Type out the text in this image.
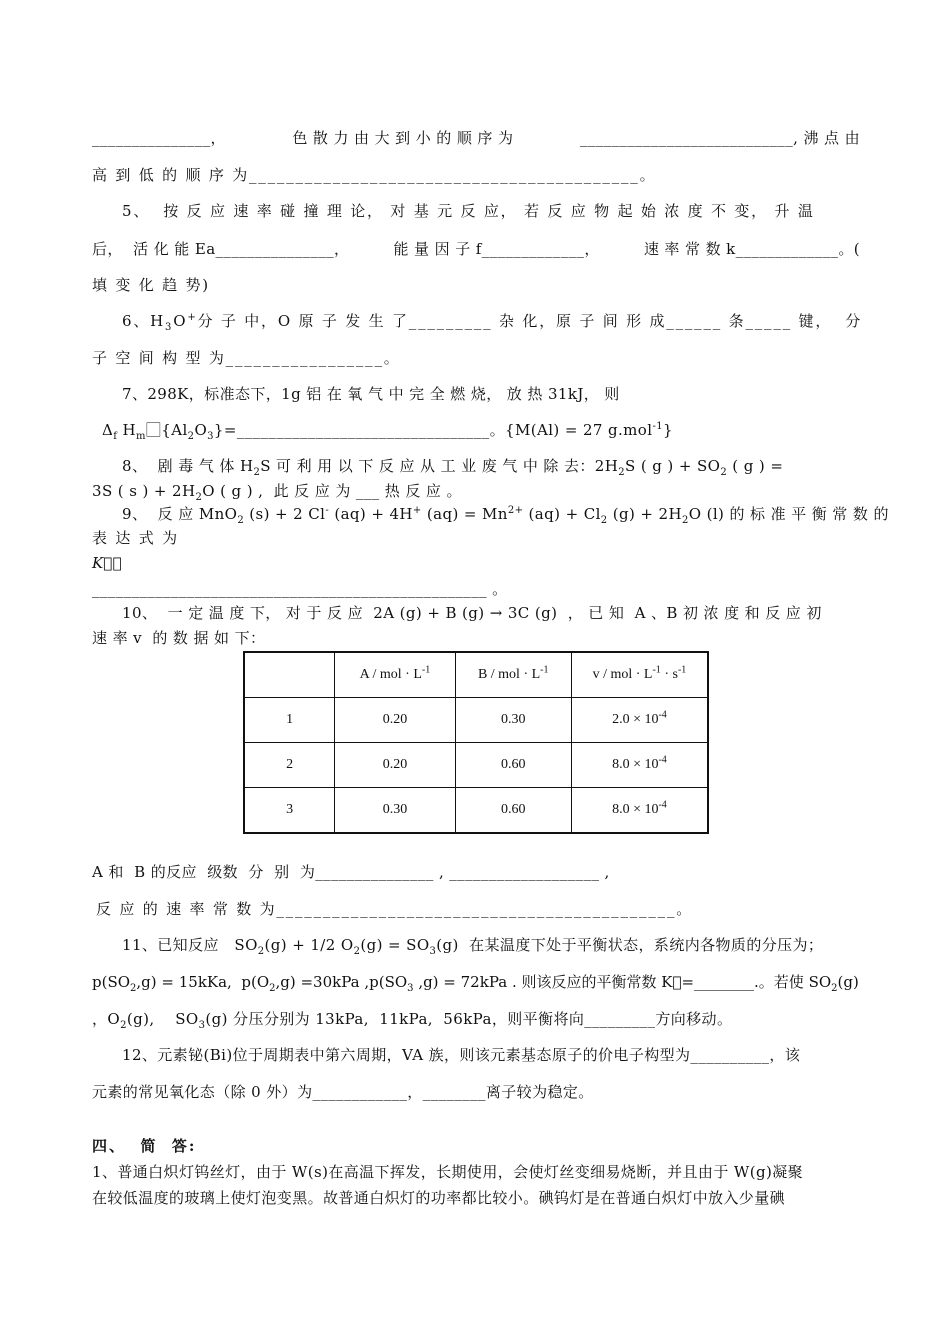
_______________，	色 散 力 由 大 到 小 的 顺 序 为	___________________________, 沸 点 由
高 到 低 的 顺 序 为__________________________________________。
5、  按 反 应 速 率 碰 撞 理 论， 对 基 元 反 应， 若 反 应 物 起 始 浓 度 不 变， 升 温
后，  活 化 能 Ea_______________，	能 量 因 子 f_____________，	速 率 常 数 k_____________。(
填 变 化 趋 势)
6、$H_3O^+$分 子 中，O 原 子 发 生 了_________ 杂 化，原 子 间 形 成______ 条_____ 键，  分
子 空 间 构 型 为_________________。
7、298K，标准态下，1g 铝 在 氧 气 中 完 全 燃 烧， 放 热 31kJ， 则
$\Delta_f$ $H_m⃞\{Al_2O_3\}=\_\_\_\_\_\_\_\_\_\_\_\_\_\_\_\_\_\_\_\_\_\_\_\_\_\_\_\_\_\_\_\_$。{M(Al) = 27 g.mol$^{-1}$}
8、  剧 毒 气 体 $H_2S$ 可 利 用 以 下 反 应 从 工 业 废 气 中 除 去：$2H_2S$ ( g ) + $SO_2$ ( g ) =
3S ( s ) + $2H_2O$ ( g ) ,  此 反 应 为 ___ 热 反 应 。
9、  反 应 MnO$_2$ (s) + 2 Cl- (aq) + 4H+ $(aq) = Mn^{2+}$ $(aq) + Cl_2$ $(g) + 2H_2O$ (l) 的 标 准 平 衡 常 数 的
表 达 式 为
K⃞＝
__________________________________________________ 。
10、  一 定 温 度 下， 对 于 反 应  2A (g) + B (g) → 3C (g)  ， 已 知  A 、B 初 浓 度 和 反 应 初
速 率 v  的 数 据 如 下：
	A / mol · $L^{-1}$	B / mol · $L^{-1}$	v / mol · $L^{-1} \cdot s^{-1}$
1	0.20	0.30	$2.0 \times 10^{-4}$
2	0.20	0.60	$8.0 \times 10^{-4}$
3	0.30	0.60	$8.0 \times 10^{-4}$
A 和  B 的反应  级数  分  别  为_______________ , ___________________ ,
反 应 的 速 率 常 数 为___________________________________________。
11、已知反应   $SO_2(g) + 1/2$ $O_2(g) = SO_3(g)$  在某温度下处于平衡状态，系统内各物质的分压为；
$p(SO_2,g) = 15kKa$,  $p(O_2,g) =30kPa$ $,p(SO_3$ ,g) = 72kPa . 则该反应的平衡常数 K⃞=________.。若使 $SO_2(g)$
，$O_2(g)$,    $SO_3(g)$ 分压分别为 13kPa,  11kPa,  56kPa，则平衡将向_________方向移动。
12、元素铋(Bi)位于周期表中第六周期，VA 族，则该元素基态原子的价电子构型为__________，该
元素的常见氧化态（除 0 外）为____________，________离子较为稳定。
四、  简  答:
1、普通白炽灯钨丝灯，由于 W(s)在高温下挥发，长期使用，会使灯丝变细易烧断，并且由于 W(g)凝聚
在较低温度的玻璃上使灯泡变黑。故普通白炽灯的功率都比较小。碘钨灯是在普通白炽灯中放入少量碘
